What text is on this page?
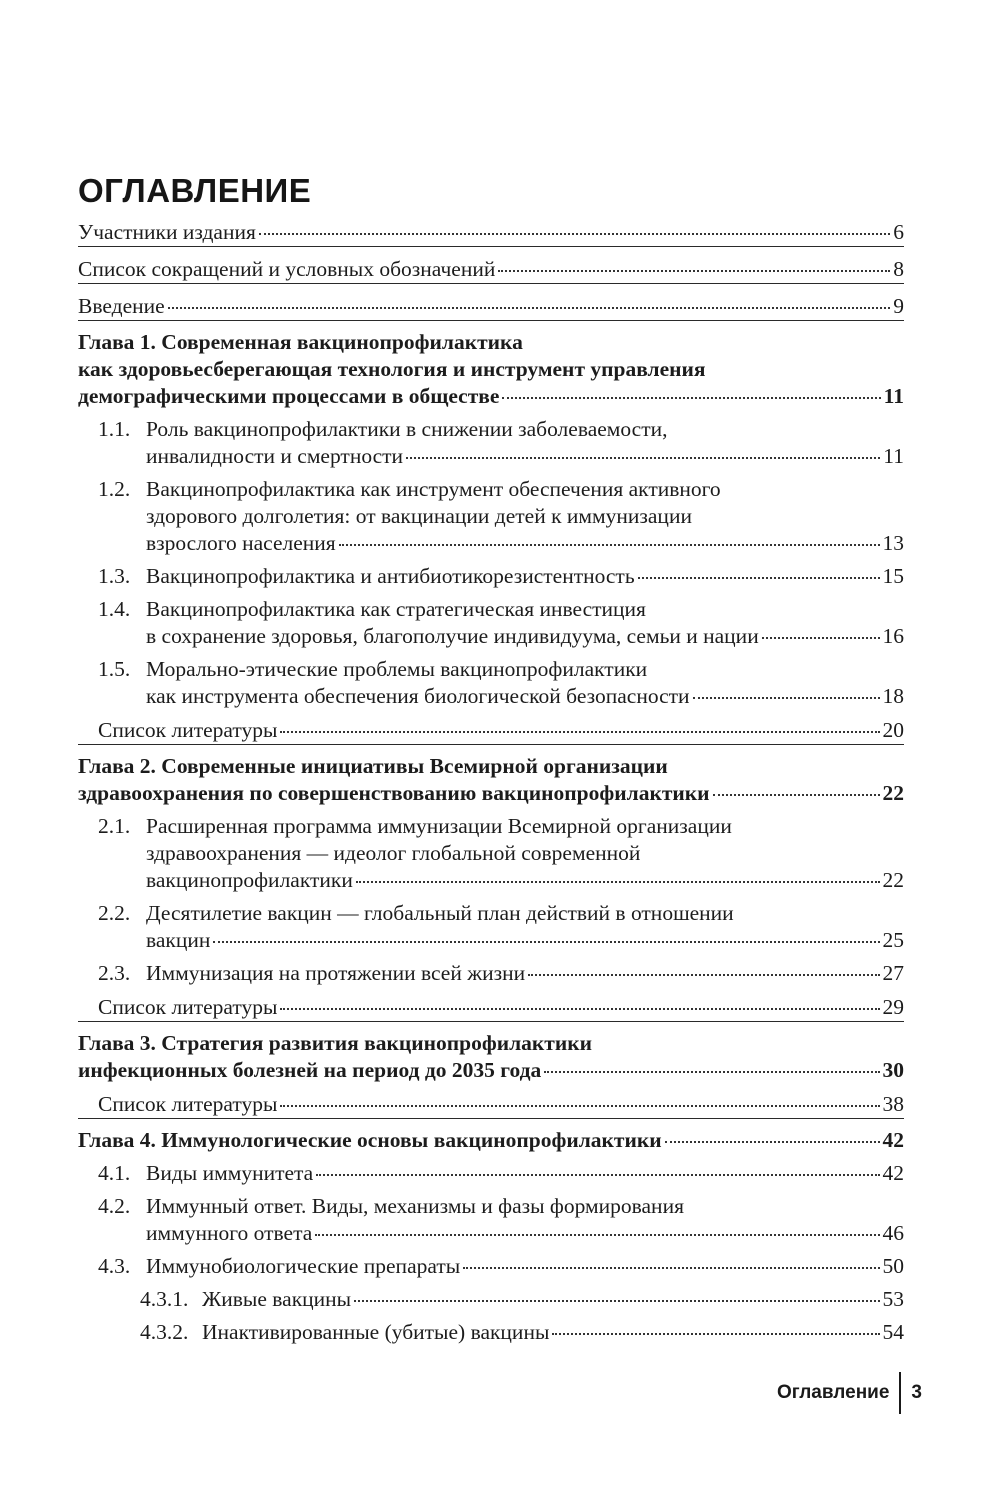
ОГЛАВЛЕНИЕ
Участники издания	6
Список сокращений и условных обозначений	8
Введение	9
Глава 1. Современная вакцинопрофилактика
как здоровьесберегающая технология и инструмент управления
демографическими процессами в обществе	11
1.1. Роль вакцинопрофилактики в снижении заболеваемости,
инвалидности и смертности	11
1.2. Вакцинопрофилактика как инструмент обеспечения активного
здорового долголетия: от вакцинации детей к иммунизации
взрослого населения	13
1.3. Вакцинопрофилактика и антибиотикорезистентность	15
1.4. Вакцинопрофилактика как стратегическая инвестиция
в сохранение здоровья, благополучие индивидуума, семьи и нации	16
1.5. Морально-этические проблемы вакцинопрофилактики
как инструмента обеспечения биологической безопасности	18
Список литературы	20
Глава 2. Современные инициативы Всемирной организации
здравоохранения по совершенствованию вакцинопрофилактики	22
2.1. Расширенная программа иммунизации Всемирной организации
здравоохранения — идеолог глобальной современной
вакцинопрофилактики	22
2.2. Десятилетие вакцин — глобальный план действий в отношении
вакцин	25
2.3. Иммунизация на протяжении всей жизни	27
Список литературы	29
Глава 3. Стратегия развития вакцинопрофилактики
инфекционных болезней на период до 2035 года	30
Список литературы	38
Глава 4. Иммунологические основы вакцинопрофилактики	42
4.1. Виды иммунитета	42
4.2. Иммунный ответ. Виды, механизмы и фазы формирования
иммунного ответа	46
4.3. Иммунобиологические препараты	50
4.3.1. Живые вакцины	53
4.3.2. Инактивированные (убитые) вакцины	54
Оглавление 3
